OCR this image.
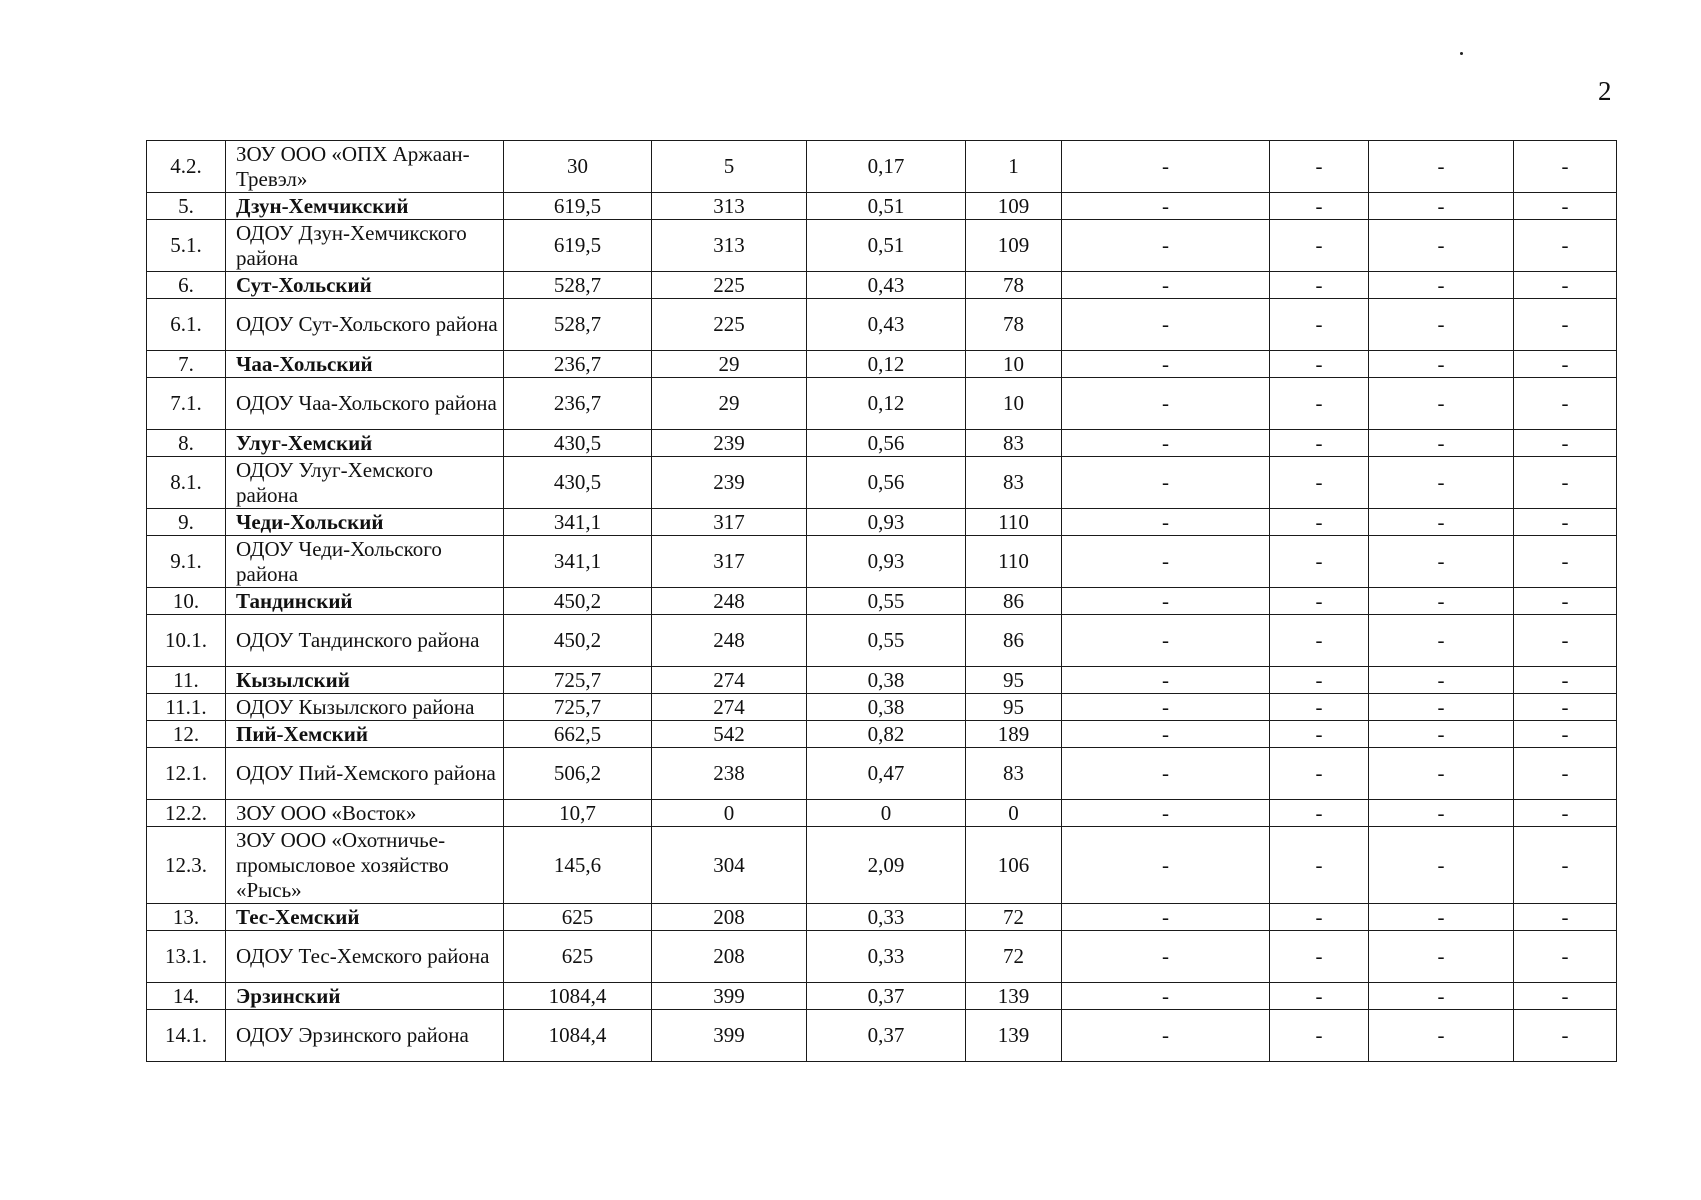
2
4.2.	ЗОУ ООО «ОПХ Аржаан-Тревэл»	30	5	0,17	1	-	-	-	-
5.	Дзун-Хемчикский	619,5	313	0,51	109	-	-	-	-
5.1.	ОДОУ Дзун-Хемчикского района	619,5	313	0,51	109	-	-	-	-
6.	Сут-Хольский	528,7	225	0,43	78	-	-	-	-
6.1.	ОДОУ Сут-Хольского района	528,7	225	0,43	78	-	-	-	-
7.	Чаа-Хольский	236,7	29	0,12	10	-	-	-	-
7.1.	ОДОУ Чаа-Хольского района	236,7	29	0,12	10	-	-	-	-
8.	Улуг-Хемский	430,5	239	0,56	83	-	-	-	-
8.1.	ОДОУ Улуг-Хемского района	430,5	239	0,56	83	-	-	-	-
9.	Чеди-Хольский	341,1	317	0,93	110	-	-	-	-
9.1.	ОДОУ Чеди-Хольского района	341,1	317	0,93	110	-	-	-	-
10.	Тандинский	450,2	248	0,55	86	-	-	-	-
10.1.	ОДОУ Тандинского района	450,2	248	0,55	86	-	-	-	-
11.	Кызылский	725,7	274	0,38	95	-	-	-	-
11.1.	ОДОУ Кызылского района	725,7	274	0,38	95	-	-	-	-
12.	Пий-Хемский	662,5	542	0,82	189	-	-	-	-
12.1.	ОДОУ Пий-Хемского района	506,2	238	0,47	83	-	-	-	-
12.2.	ЗОУ ООО «Восток»	10,7	0	0	0	-	-	-	-
12.3.	ЗОУ ООО «Охотничье-промысловое хозяйство «Рысь»	145,6	304	2,09	106	-	-	-	-
13.	Тес-Хемский	625	208	0,33	72	-	-	-	-
13.1.	ОДОУ Тес-Хемского района	625	208	0,33	72	-	-	-	-
14.	Эрзинский	1084,4	399	0,37	139	-	-	-	-
14.1.	ОДОУ Эрзинского района	1084,4	399	0,37	139	-	-	-	-
